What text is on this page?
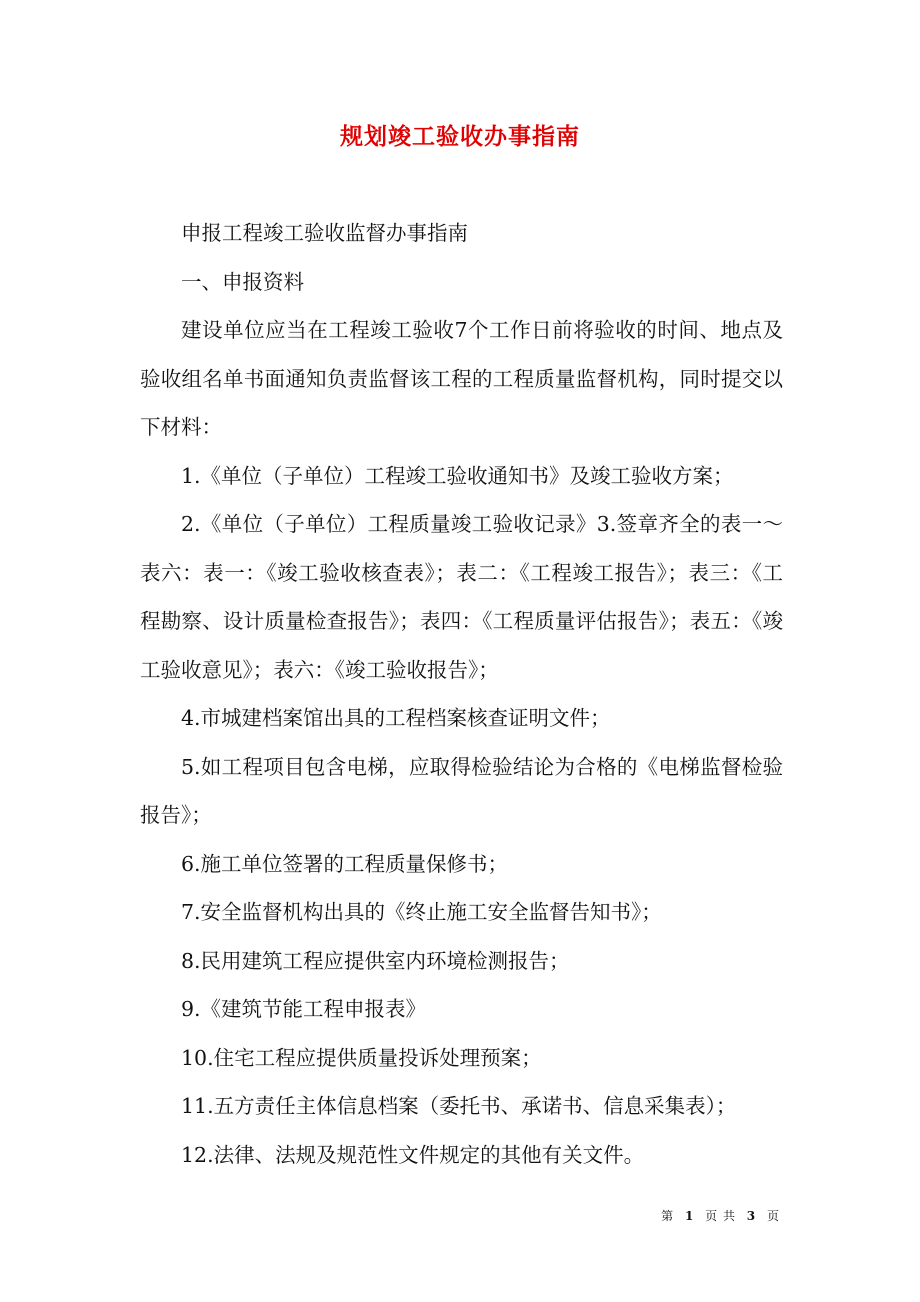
规划竣工验收办事指南

申报工程竣工验收监督办事指南

一、申报资料

建设单位应当在工程竣工验收7个工作日前将验收的时间、地点及验收组名单书面通知负责监督该工程的工程质量监督机构，同时提交以下材料：

1.《单位（子单位）工程竣工验收通知书》及竣工验收方案；

2.《单位（子单位）工程质量竣工验收记录》3.签章齐全的表一～表六：表一：《竣工验收核查表》；表二：《工程竣工报告》；表三：《工程勘察、设计质量检查报告》；表四：《工程质量评估报告》；表五：《竣工验收意见》；表六：《竣工验收报告》；

4.市城建档案馆出具的工程档案核查证明文件；

5.如工程项目包含电梯，应取得检验结论为合格的《电梯监督检验报告》；

6.施工单位签署的工程质量保修书；

7.安全监督机构出具的《终止施工安全监督告知书》；

8.民用建筑工程应提供室内环境检测报告；

9.《建筑节能工程申报表》

10.住宅工程应提供质量投诉处理预案；

11.五方责任主体信息档案（委托书、承诺书、信息采集表）；

12.法律、法规及规范性文件规定的其他有关文件。

第 1 页 共 3 页
